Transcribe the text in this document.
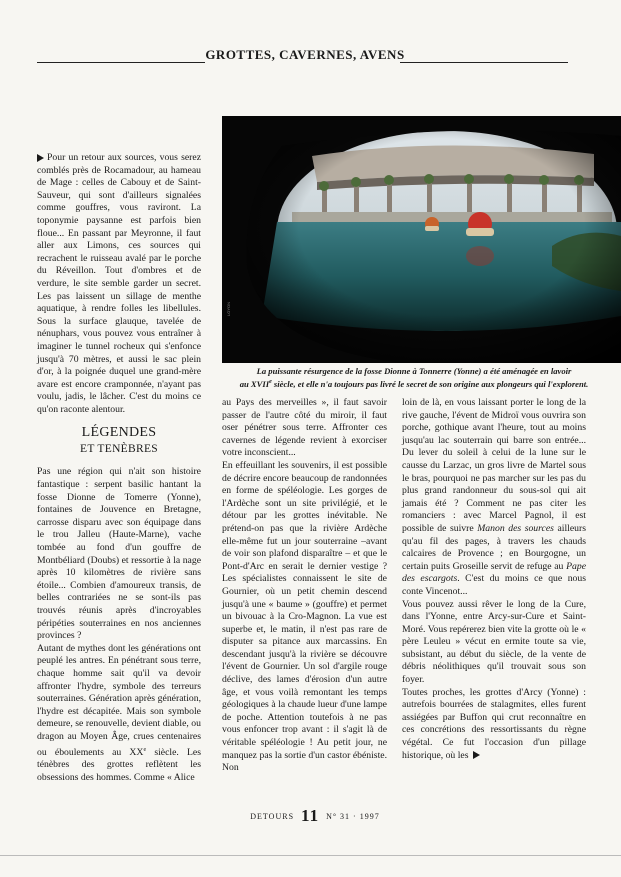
GROTTES, CAVERNES, AVENS
LOYON
La puissante résurgence de la fosse Dionne à Tonnerre (Yonne) a été aménagée en lavoir
au XVIIe siècle, et elle n'a toujours pas livré le secret de son origine aux plongeurs qui l'explorent.

Pour un retour aux sources, vous serez comblés près de Rocamadour, au hameau de Mage : celles de Cabouy et de Saint-Sauveur, qui sont d'ailleurs signalées comme gouffres, vous raviront. La toponymie paysanne est parfois bien floue... En passant par Meyronne, il faut aller aux Limons, ces sources qui recrachent le ruisseau avalé par le porche du Réveillon. Tout d'ombres et de verdure, le site semble garder un secret. Les pas laissent un sillage de menthe aquatique, à rendre folles les libellules. Sous la surface glauque, tavelée de nénuphars, vous pouvez vous entraîner à imaginer le tunnel rocheux qui s'enfonce jusqu'à 70 mètres, et aussi le sac plein d'or, à la poignée duquel une grand-mère avare est encore cramponnée, n'ayant pas voulu, jadis, le lâcher. C'est du moins ce qu'on raconte alentour.

LÉGENDES
ET TENÈBRES

Pas une région qui n'ait son histoire fantastique : serpent basilic hantant la fosse Dionne de Tomerre (Yonne), fontaines de Jouvence en Bretagne, carrosse disparu avec son équipage dans le trou Jalleu (Haute-Marne), vache tombée au fond d'un gouffre de Montbéliard (Doubs) et ressortie à la nage après 10 kilomètres de rivière sans étoile... Combien d'amoureux transis, de belles contrariées ne se sont-ils pas trouvés réunis après d'incroyables péripéties souterraines en nos anciennes provinces ?

Autant de mythes dont les générations ont peuplé les antres. En pénétrant sous terre, chaque homme sait qu'il va devoir affronter l'hydre, symbole des terreurs souterraines. Génération après génération, l'hydre est décapitée. Mais son symbole demeure, se renouvelle, devient diable, ou dragon au Moyen Âge, crues centenaires ou éboulements au XXe siècle. Les ténèbres des grottes reflètent les obsessions des hommes. Comme « Alice

au Pays des merveilles », il faut savoir passer de l'autre côté du miroir, il faut oser pénétrer sous terre. Affronter ces cavernes de légende revient à exorciser votre inconscient...

En effeuillant les souvenirs, il est possible de décrire encore beaucoup de randonnées en forme de spéléologie. Les gorges de l'Ardèche sont un site privilégié, et le détour par les grottes inévitable. Ne prétend-on pas que la rivière Ardèche elle-même fut un jour souterraine –avant de voir son plafond disparaître – et que le Pont-d'Arc en serait le dernier vestige ? Les spécialistes connaissent le site de Gournier, où un petit chemin descend jusqu'à une « baume » (gouffre) et permet un bivouac à la Cro-Magnon. La vue est superbe et, le matin, il n'est pas rare de disputer sa pitance aux marcassins. En descendant jusqu'à la rivière se découvre l'évent de Gournier. Un sol d'argile rouge déclive, des lames d'érosion d'un autre âge, et vous voilà remontant les temps géologiques à la chaude lueur d'une lampe de poche. Attention toutefois à ne pas vous enfoncer trop avant : il s'agit là de véritable spéléologie ! Au petit jour, ne manquez pas la sortie d'un castor ébéniste. Non

loin de là, en vous laissant porter le long de la rive gauche, l'évent de Midroï vous ouvrira son porche, gothique avant l'heure, tout au moins jusqu'au lac souterrain qui barre son entrée... Du lever du soleil à celui de la lune sur le causse du Larzac, un gros livre de Martel sous le bras, pourquoi ne pas marcher sur les pas du plus grand randonneur du sous-sol qui ait jamais été ? Comment ne pas citer les romanciers : avec Marcel Pagnol, il est possible de suivre Manon des sources ailleurs qu'au fil des pages, à travers les chauds calcaires de Provence ; en Bourgogne, un certain puits Groseille servit de refuge au Pape des escargots. C'est du moins ce que nous conte Vincenot...

Vous pouvez aussi rêver le long de la Cure, dans l'Yonne, entre Arcy-sur-Cure et Saint-Moré. Vous repérerez bien vite la grotte où le « père Leuleu » vécut en ermite toute sa vie, subsistant, au début du siècle, de la vente de débris néolithiques qu'il trouvait sous son foyer.

Toutes proches, les grottes d'Arcy (Yonne) : autrefois bourrées de stalagmites, elles furent assiégées par Buffon qui crut reconnaître en ces concrétions des ressortissants du règne végétal. Ce fut l'occasion d'un pillage historique, où les

DETOURS 11 N° 31 · 1997
